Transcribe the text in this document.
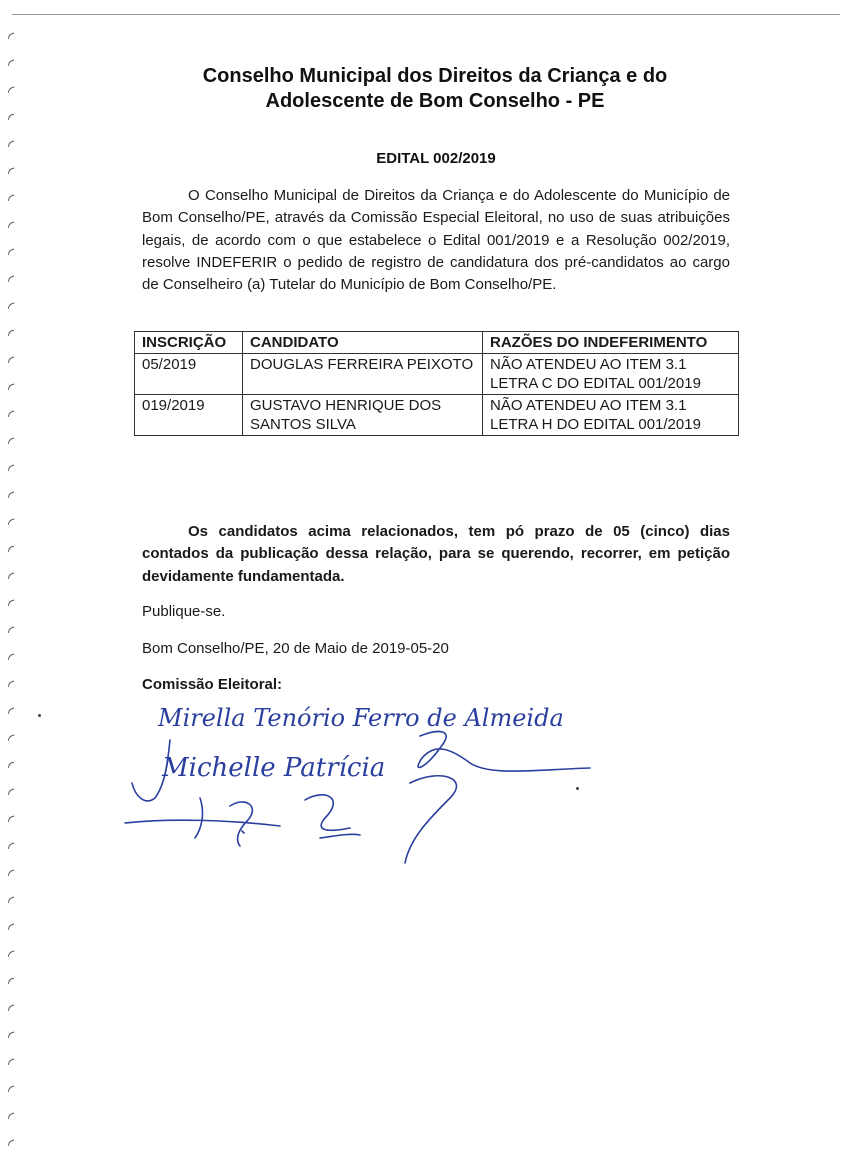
◜
◜
◜
◜
◜
◜
◜
◜
◜
◜
◜
◜
◜
◜
◜
◜
◜
◜
◜
◜
◜
◜
◜
◜
◜
◜
◜
◜
◜
◜
◜
◜
◜
◜
◜
◜
◜
◜
◜
◜
◜
◜
Conselho Municipal dos Direitos da Criança e do
Adolescente de Bom Conselho - PE
EDITAL 002/2019
O Conselho Municipal de Direitos da Criança e do Adolescente do Município de Bom Conselho/PE, através da Comissão Especial Eleitoral, no uso de suas atribuições legais, de acordo com o que estabelece o Edital 001/2019 e a Resolução 002/2019, resolve INDEFERIR o pedido de registro de candidatura dos pré-candidatos ao cargo de Conselheiro (a) Tutelar do Município de Bom Conselho/PE.
INSCRIÇÃO	CANDIDATO	RAZÕES DO INDEFERIMENTO
05/2019	DOUGLAS FERREIRA PEIXOTO	NÃO ATENDEU AO ITEM 3.1 LETRA C DO EDITAL 001/2019
019/2019	GUSTAVO HENRIQUE DOS SANTOS SILVA	NÃO ATENDEU AO ITEM 3.1 LETRA H DO EDITAL 001/2019
Os candidatos acima relacionados, tem pó prazo de 05 (cinco) dias contados da publicação dessa relação, para se querendo, recorrer, em petição devidamente fundamentada.
Publique-se.
Bom Conselho/PE, 20 de Maio de 2019-05-20
Comissão Eleitoral:
Mirella Tenório Ferro de Almeida
Michelle Patrícia
